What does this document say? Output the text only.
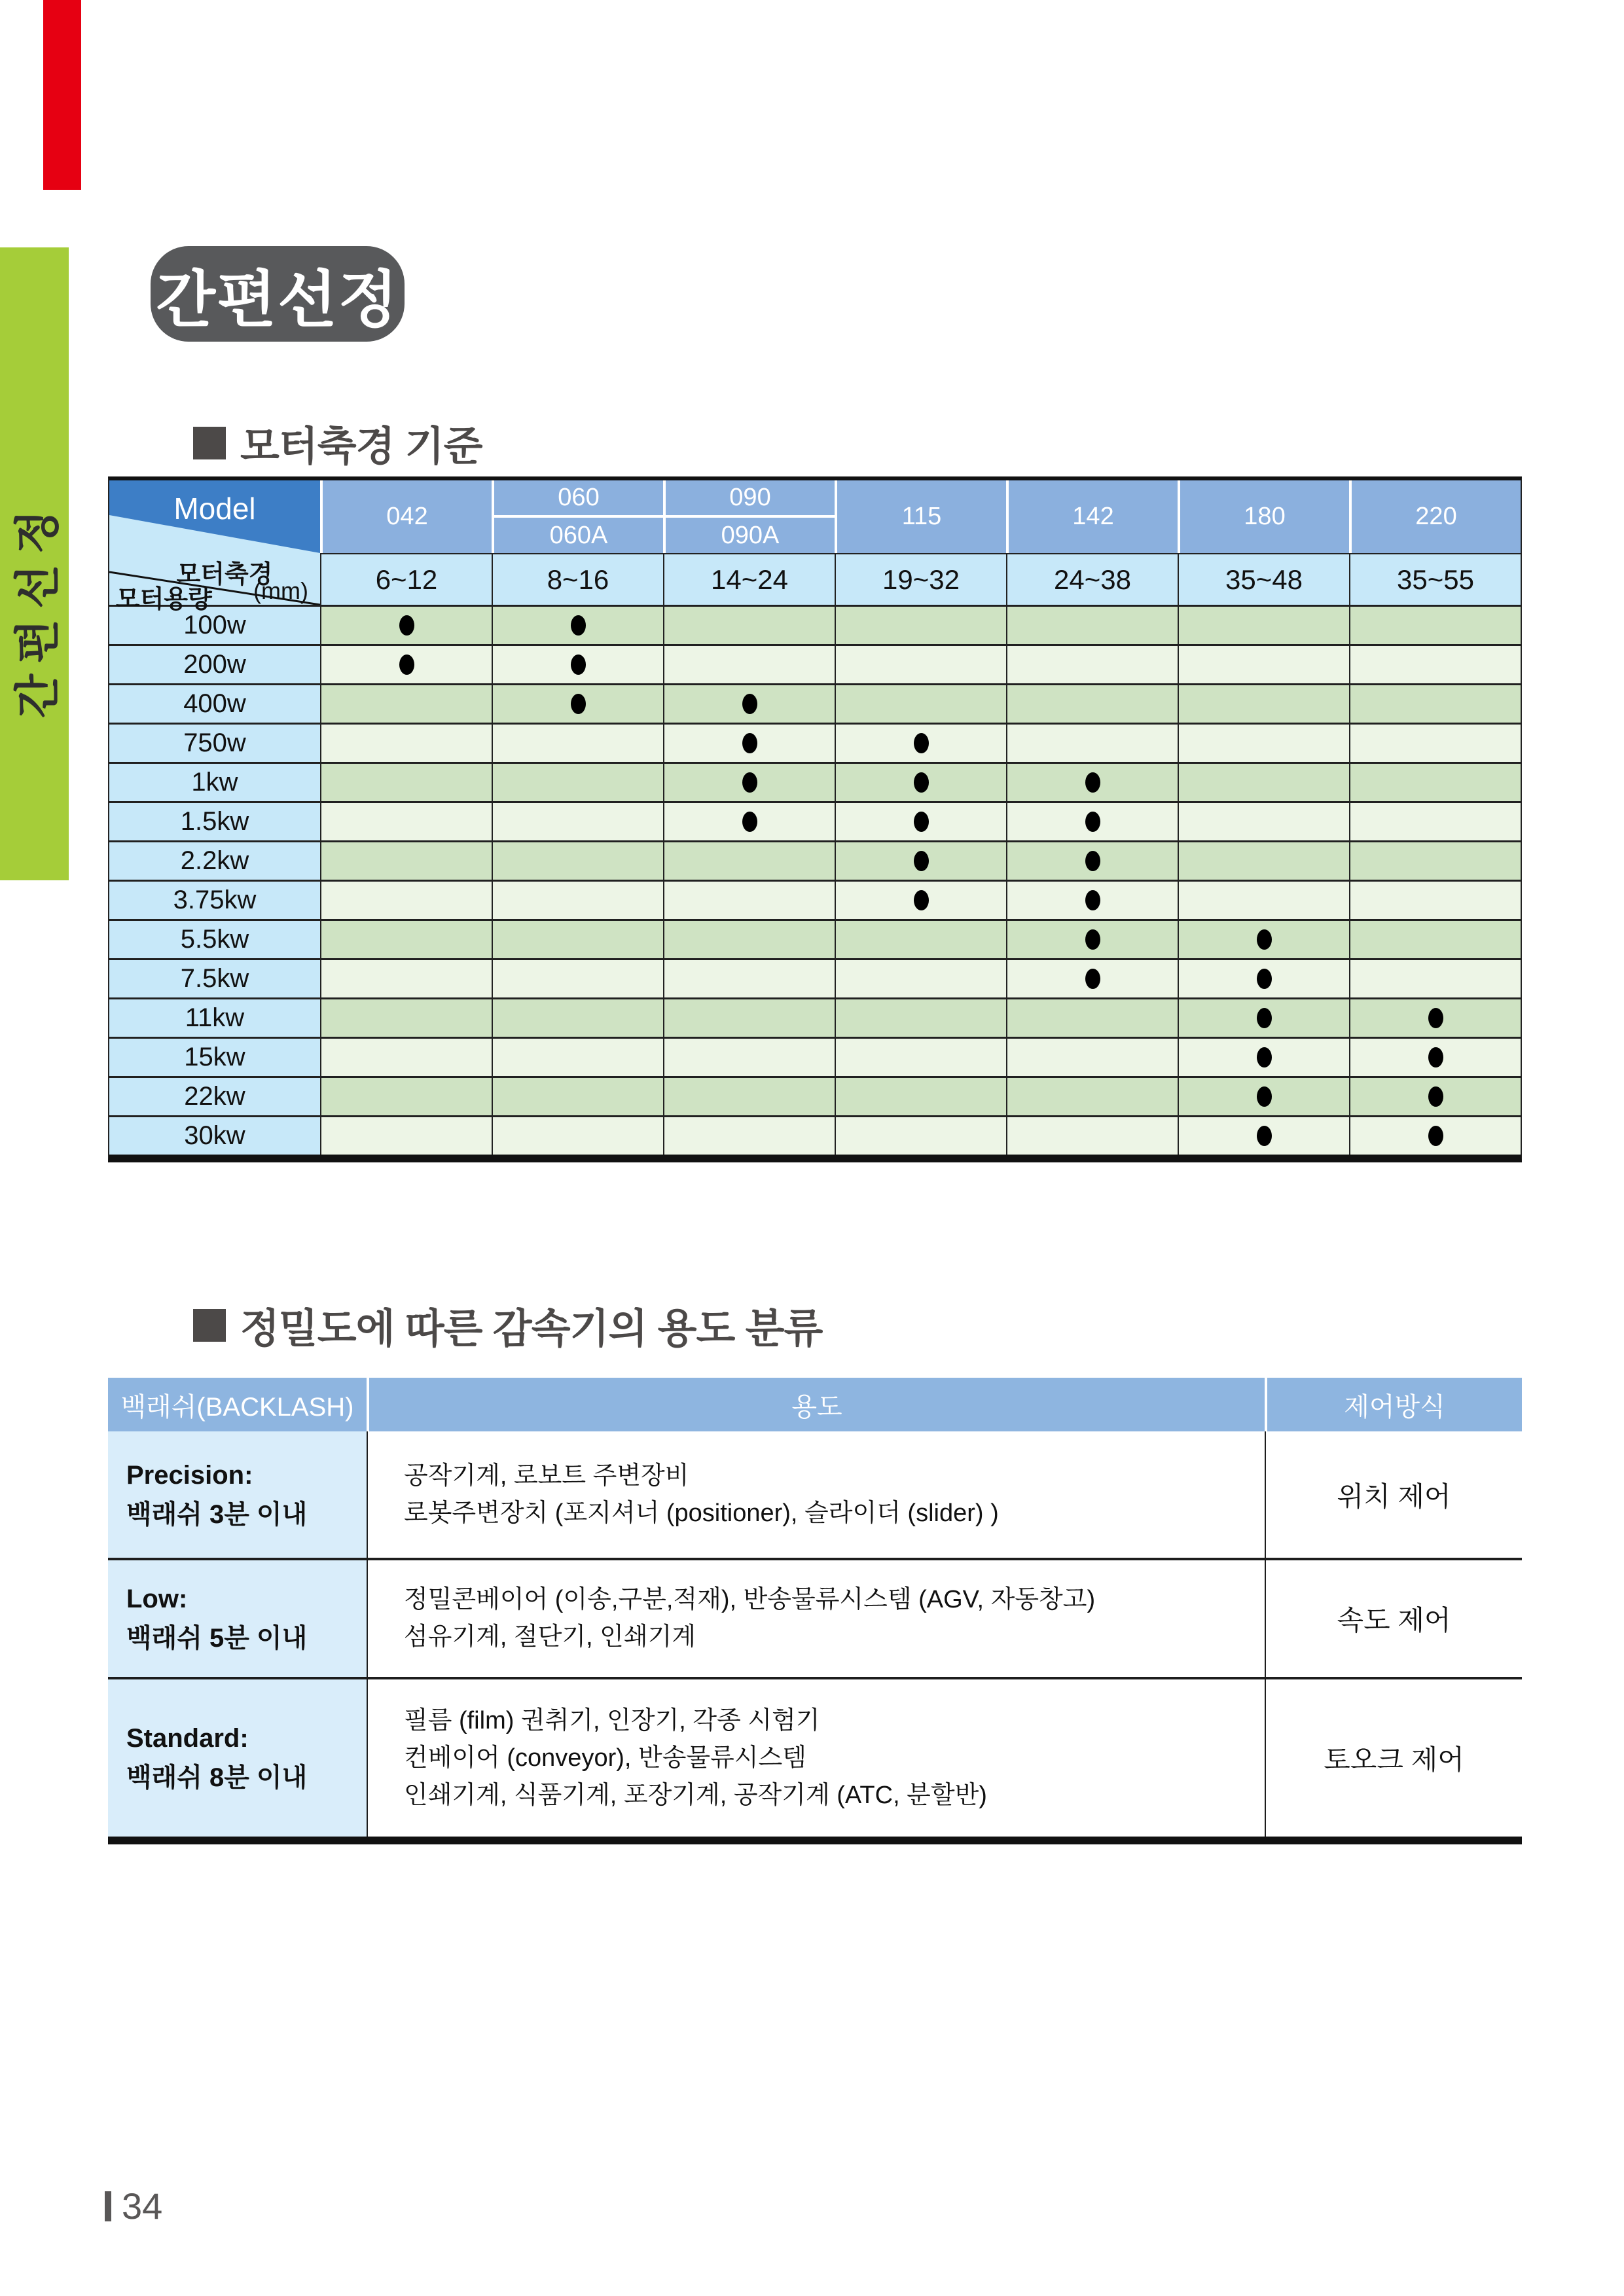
간편선정
간편선정
모터축경 기준
Model
모터축경
(mm)
모터용량
042
6~12
060
060A
8~16
090
090A
14~24
115
19~32
142
24~38
180
35~48
220
35~55
100w
200w
400w
750w
1kw
1.5kw
2.2kw
3.75kw
5.5kw
7.5kw
11kw
15kw
22kw
30kw
정밀도에 따른 감속기의 용도 분류
백래쉬(BACKLASH)	용도	제어방식
Precision:
백래쉬 3분 이내
공작기계, 로보트 주변장비
로봇주변장치 (포지셔너 (positioner), 슬라이더 (slider) )
위치 제어
Low:
백래쉬 5분 이내
정밀콘베이어 (이송,구분,적재), 반송물류시스템 (AGV, 자동창고)
섬유기계, 절단기, 인쇄기계
속도 제어
Standard:
백래쉬 8분 이내
필름 (film) 권취기, 인장기, 각종 시험기
컨베이어 (conveyor), 반송물류시스템
인쇄기계, 식품기계, 포장기계, 공작기계 (ATC, 분할반)
토오크 제어
34
